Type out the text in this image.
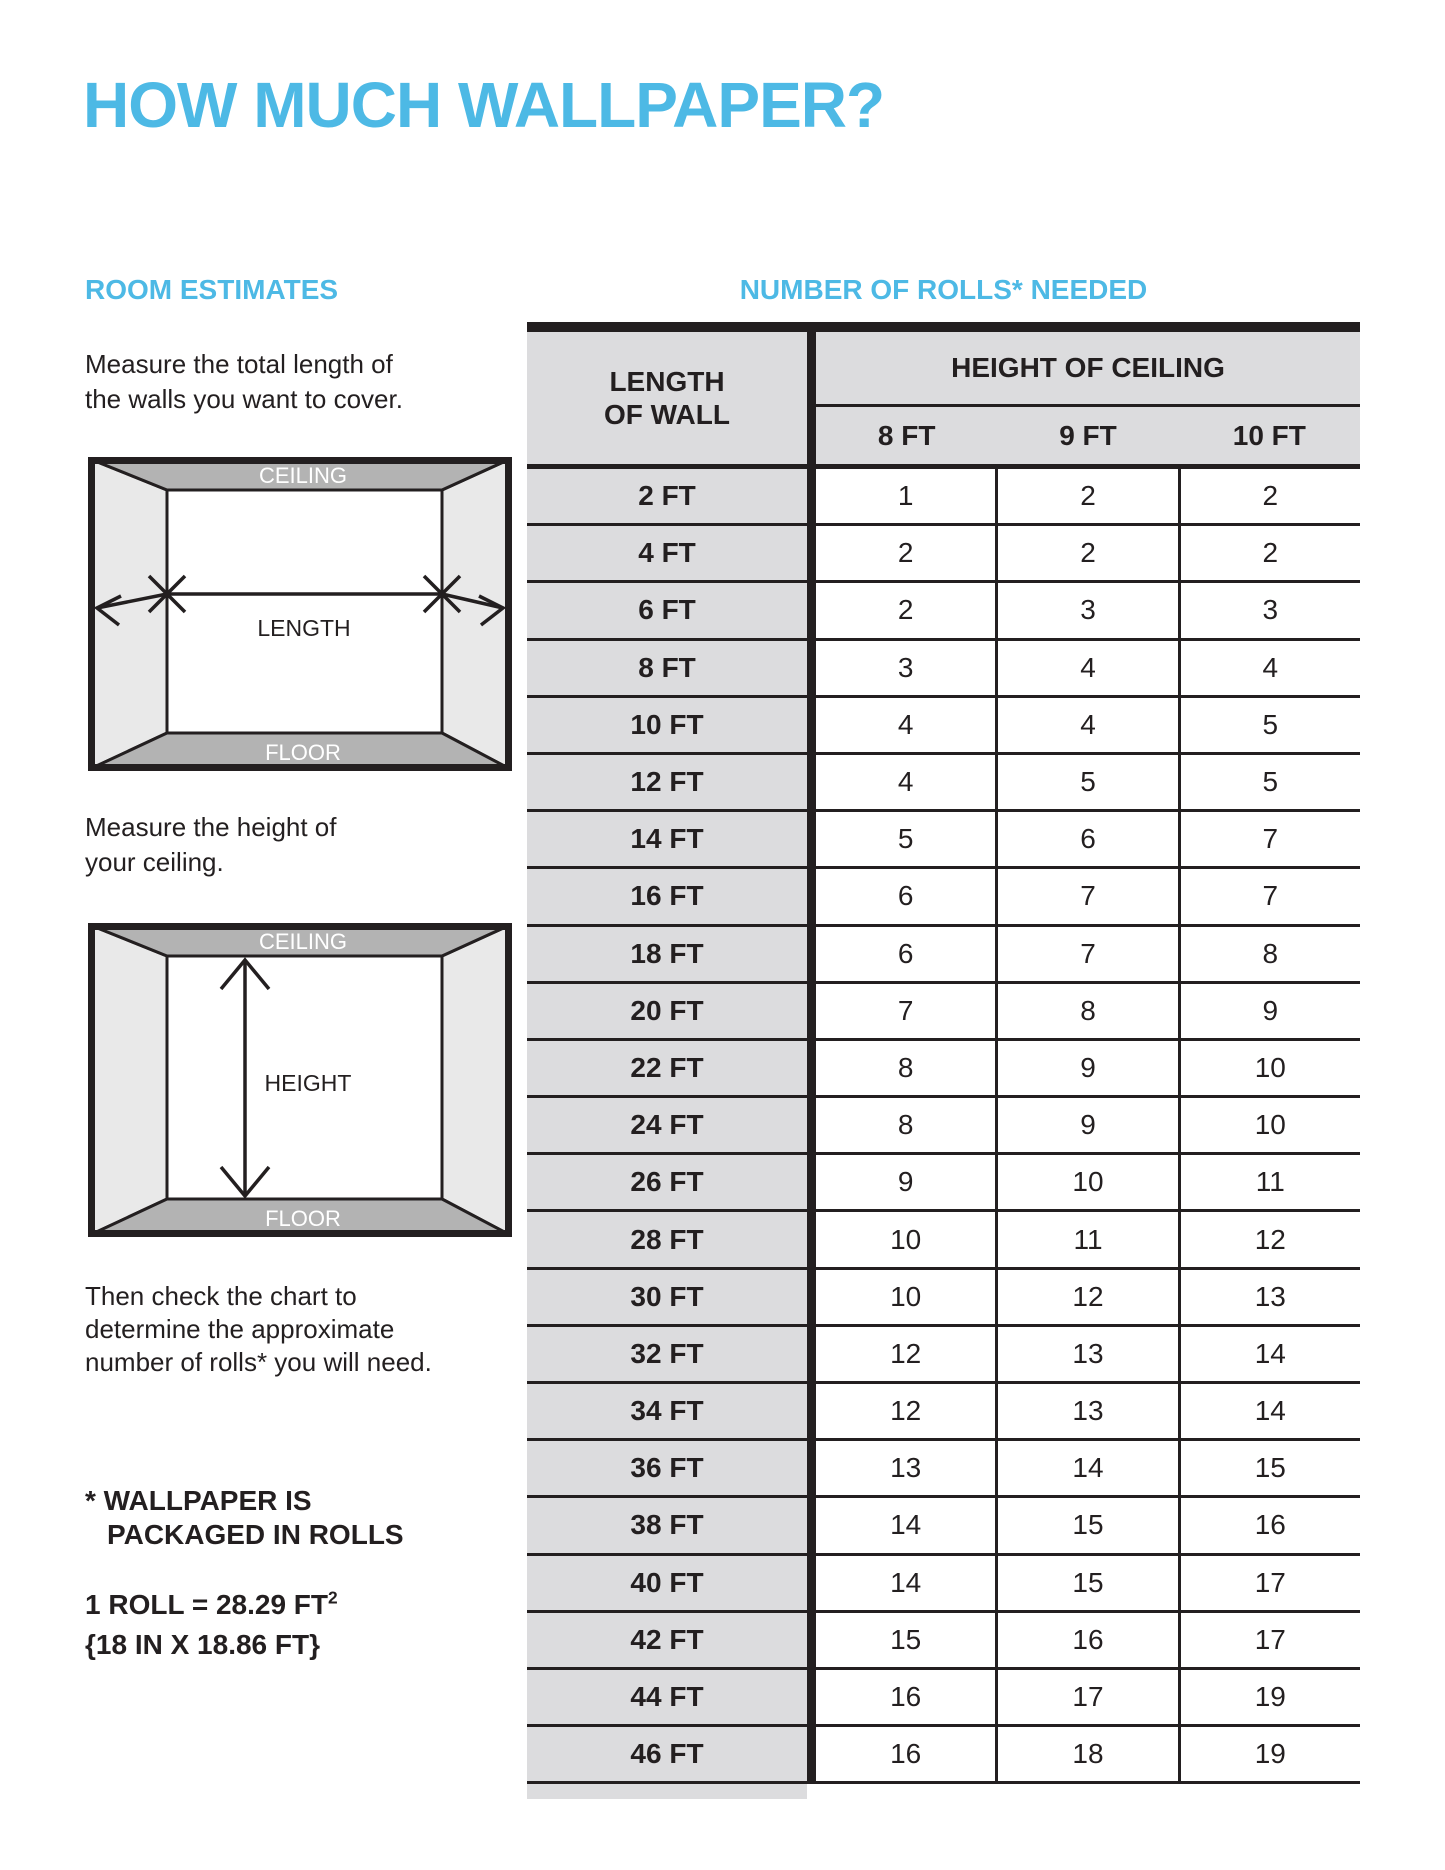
HOW MUCH WALLPAPER?
ROOM ESTIMATES
Measure the total length of
the walls you want to cover.
CEILING
FLOOR
LENGTH
Measure the height of
your ceiling.
CEILING
FLOOR
HEIGHT
Then check the chart to
determine the approximate
number of rolls* you will need.
* WALLPAPER IS
PACKAGED IN ROLLS
1 ROLL = 28.29 $FT^2$
{18 IN X 18.86 FT}
NUMBER OF ROLLS* NEEDED
LENGTH
OF WALL
HEIGHT OF CEILING
8 FT	9 FT	10 FT
2 FT	1	2	2
4 FT	2	2	2
6 FT	2	3	3
8 FT	3	4	4
10 FT	4	4	5
12 FT	4	5	5
14 FT	5	6	7
16 FT	6	7	7
18 FT	6	7	8
20 FT	7	8	9
22 FT	8	9	10
24 FT	8	9	10
26 FT	9	10	11
28 FT	10	11	12
30 FT	10	12	13
32 FT	12	13	14
34 FT	12	13	14
36 FT	13	14	15
38 FT	14	15	16
40 FT	14	15	17
42 FT	15	16	17
44 FT	16	17	19
46 FT	16	18	19
